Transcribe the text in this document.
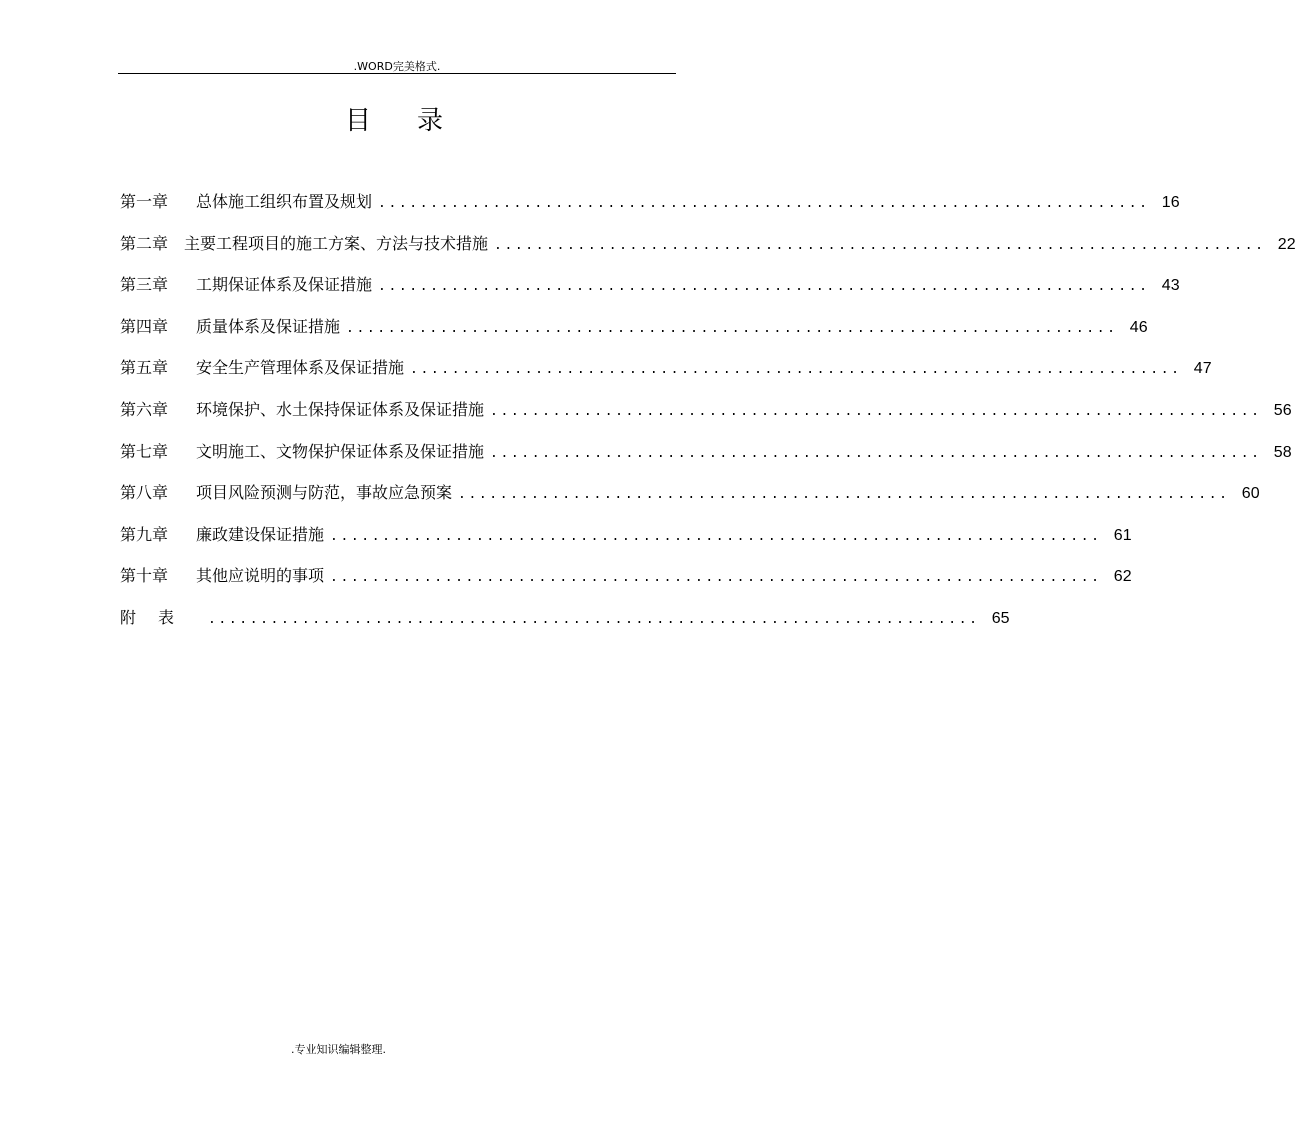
.WORD完美格式.
目录
第一章	总体施工组织布置及规划 .......................................................................... 16
第二章 主要工程项目的施工方案、方法与技术措施 .......................................................................... 22
第三章	工期保证体系及保证措施 .......................................................................... 43
第四章	质量体系及保证措施 .......................................................................... 46
第五章	安全生产管理体系及保证措施 .......................................................................... 47
第六章	环境保护、水土保持保证体系及保证措施 .......................................................................... 56
第七章	文明施工、文物保护保证体系及保证措施 .......................................................................... 58
第八章	项目风险预测与防范，事故应急预案 .......................................................................... 60
第九章	廉政建设保证措施 .......................................................................... 61
第十章	其他应说明的事项 .......................................................................... 62
附表 .......................................................................... 65
.专业知识编辑整理.
